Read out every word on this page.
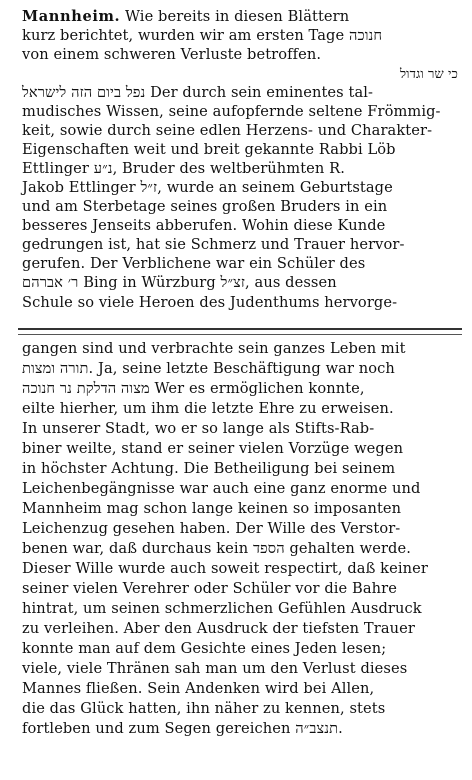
Mannheim. Wie bereits in diesen Blättern
kurz berichtet, wurden wir am ersten Tage חנוכה
von einem schweren Verluste betroffen.
כי שר וגדול
נפל ביום הזה לישראל Der durch sein eminentes tal-
mudisches Wissen, seine aufopfernde seltene Frömmig-
keit, sowie durch seine edlen Herzens- und Charakter-
Eigenschaften weit und breit gekannte Rabbi Löb
Ettlinger נ״ע, Bruder des weltberühmten R.
Jakob Ettlinger ז״ל, wurde an seinem Geburtstage
und am Sterbetage seines großen Bruders in ein
besseres Jenseits abberufen. Wohin diese Kunde
gedrungen ist, hat sie Schmerz und Trauer hervor-
gerufen. Der Verblichene war ein Schüler des
ר׳ אברהם Bing in Würzburg זצ״ל, aus dessen
Schule so viele Heroen des Judenthums hervorge-
gangen sind und verbrachte sein ganzes Leben mit
תורה ומצות. Ja, seine letzte Beschäftigung war noch
מצוה הדלקת נר חנוכה Wer es ermöglichen konnte,
eilte hierher, um ihm die letzte Ehre zu erweisen.
In unserer Stadt, wo er so lange als Stifts-Rab-
biner weilte, stand er seiner vielen Vorzüge wegen
in höchster Achtung. Die Betheiligung bei seinem
Leichenbegängnisse war auch eine ganz enorme und
Mannheim mag schon lange keinen so imposanten
Leichenzug gesehen haben. Der Wille des Verstor-
benen war, daß durchaus kein הספד gehalten werde.
Dieser Wille wurde auch soweit respectirt, daß keiner
seiner vielen Verehrer oder Schüler vor die Bahre
hintrat, um seinen schmerzlichen Gefühlen Ausdruck
zu verleihen. Aber den Ausdruck der tiefsten Trauer
konnte man auf dem Gesichte eines Jeden lesen;
viele, viele Thränen sah man um den Verlust dieses
Mannes fließen. Sein Andenken wird bei Allen,
die das Glück hatten, ihn näher zu kennen, stets
fortleben und zum Segen gereichen תנצב״ה.
